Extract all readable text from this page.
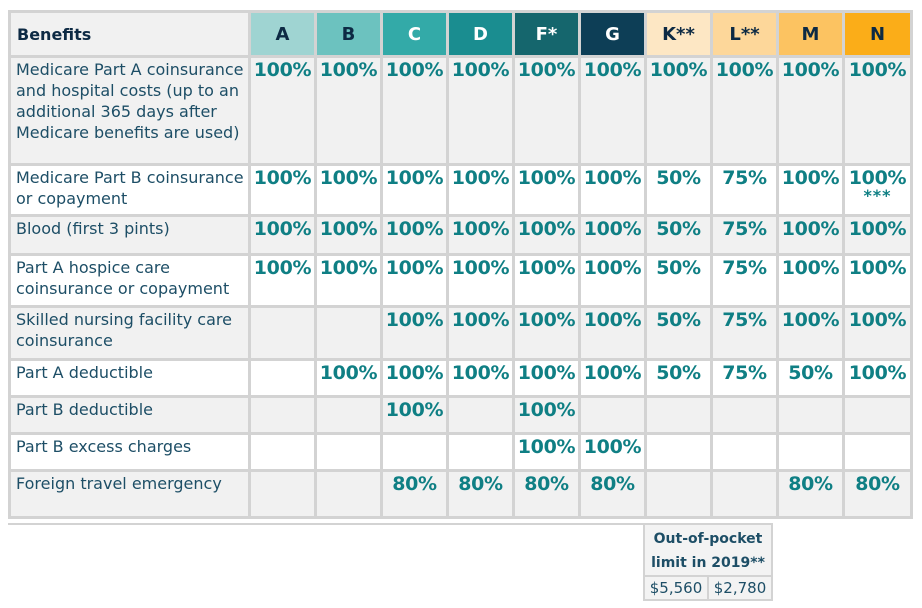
Benefits	A	B	C	D	F*	G	K**	L**	M	N
Medicare Part A coinsurance and hospital costs (up to an additional 365 days after Medicare benefits are used)	100%	100%	100%	100%	100%	100%	100%	100%	100%	100%
Medicare Part B coinsurance or copayment	100%	100%	100%	100%	100%	100%	50%	75%	100%	100%
***

Blood (first 3 pints)	100%	100%	100%	100%	100%	100%	50%	75%	100%	100%
Part A hospice care coinsurance or copayment	100%	100%	100%	100%	100%	100%	50%	75%	100%	100%
Skilled nursing facility care coinsurance			100%	100%	100%	100%	50%	75%	100%	100%
Part A deductible		100%	100%	100%	100%	100%	50%	75%	50%	100%
Part B deductible			100%		100%					
Part B excess charges					100%	100%				
Foreign travel emergency			80%	80%	80%	80%			80%	80%
Out-of-pocket limit in 2019**
$5,560	$2,780
